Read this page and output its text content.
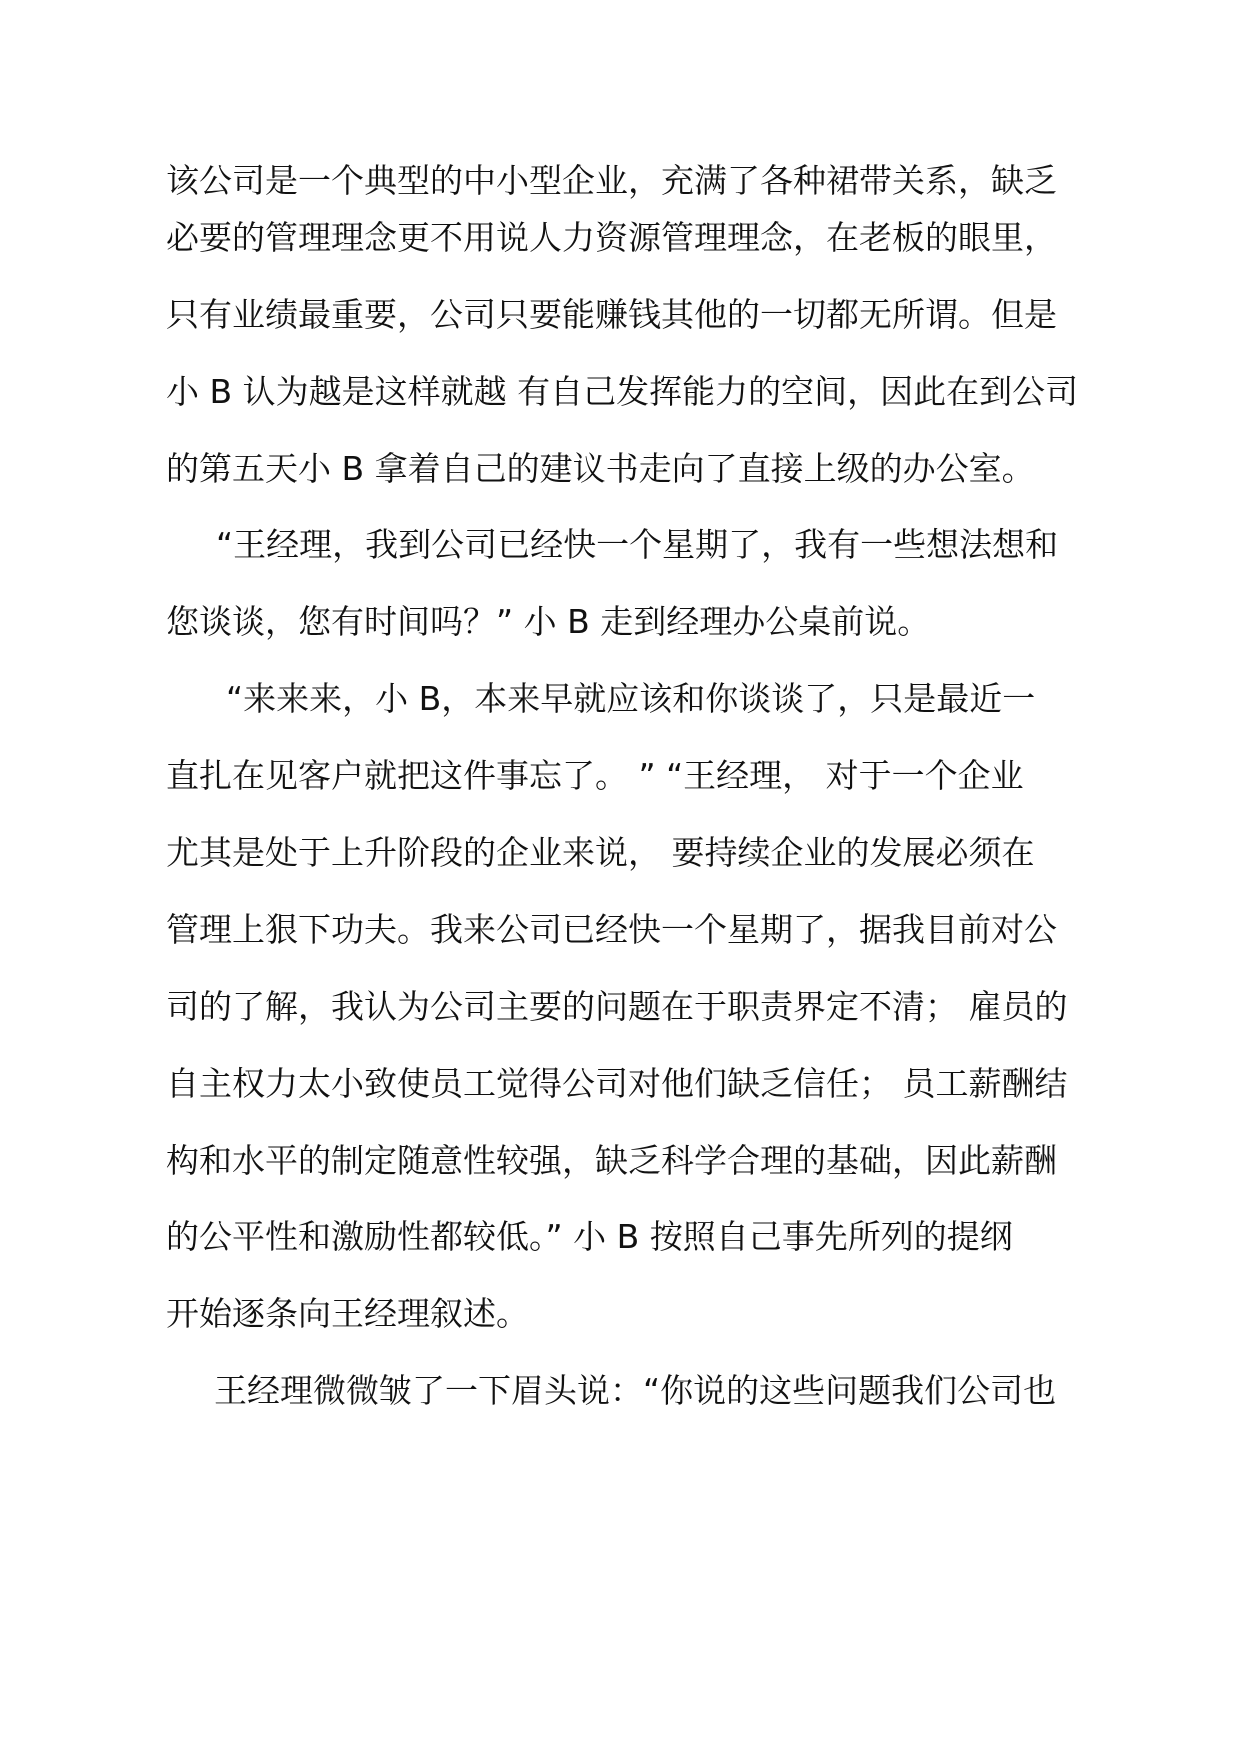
该公司是一个典型的中小型企业，充满了各种裙带关系，缺乏
必要的管理理念更不用说人力资源管理理念，在老板的眼里，
只有业绩最重要，公司只要能赚钱其他的一切都无所谓。但是
小 B 认为越是这样就越 有自己发挥能力的空间，因此在到公司
的第五天小 B 拿着自己的建议书走向了直接上级的办公室。
“王经理，我到公司已经快一个星期了，我有一些想法想和
您谈谈，您有时间吗？” 小 B 走到经理办公桌前说。
“来来来，小 B，本来早就应该和你谈谈了，只是最近一
直扎在见客户就把这件事忘了。 ” “王经理， 对于一个企业
尤其是处于上升阶段的企业来说， 要持续企业的发展必须在
管理上狠下功夫。我来公司已经快一个星期了，据我目前对公
司的了解，我认为公司主要的问题在于职责界定不清； 雇员的
自主权力太小致使员工觉得公司对他们缺乏信任； 员工薪酬结
构和水平的制定随意性较强，缺乏科学合理的基础，因此薪酬
的公平性和激励性都较低。” 小 B 按照自己事先所列的提纲
开始逐条向王经理叙述。
王经理微微皱了一下眉头说：“你说的这些问题我们公司也
